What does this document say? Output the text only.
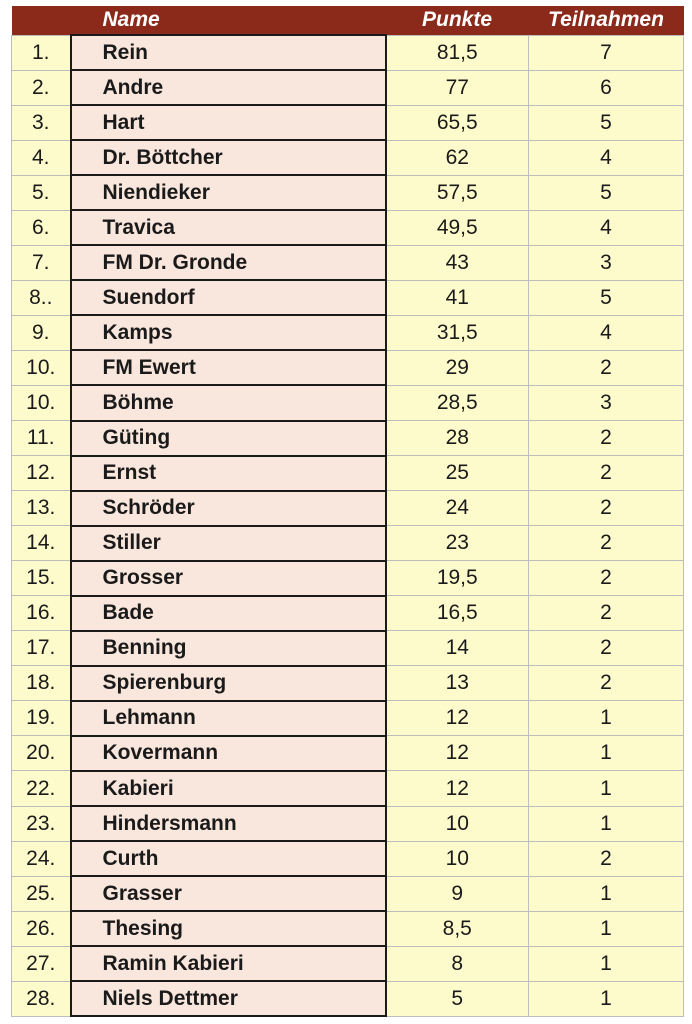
	Name	Punkte	Teilnahmen
1.	Rein	81,5	7
2.	Andre	77	6
3.	Hart	65,5	5
4.	Dr. Böttcher	62	4
5.	Niendieker	57,5	5
6.	Travica	49,5	4
7.	FM Dr. Gronde	43	3
8..	Suendorf	41	5
9.	Kamps	31,5	4
10.	FM Ewert	29	2
10.	Böhme	28,5	3
11.	Güting	28	2
12.	Ernst	25	2
13.	Schröder	24	2
14.	Stiller	23	2
15.	Grosser	19,5	2
16.	Bade	16,5	2
17.	Benning	14	2
18.	Spierenburg	13	2
19.	Lehmann	12	1
20.	Kovermann	12	1
22.	Kabieri	12	1
23.	Hindersmann	10	1
24.	Curth	10	2
25.	Grasser	9	1
26.	Thesing	8,5	1
27.	Ramin Kabieri	8	1
28.	Niels Dettmer	5	1
